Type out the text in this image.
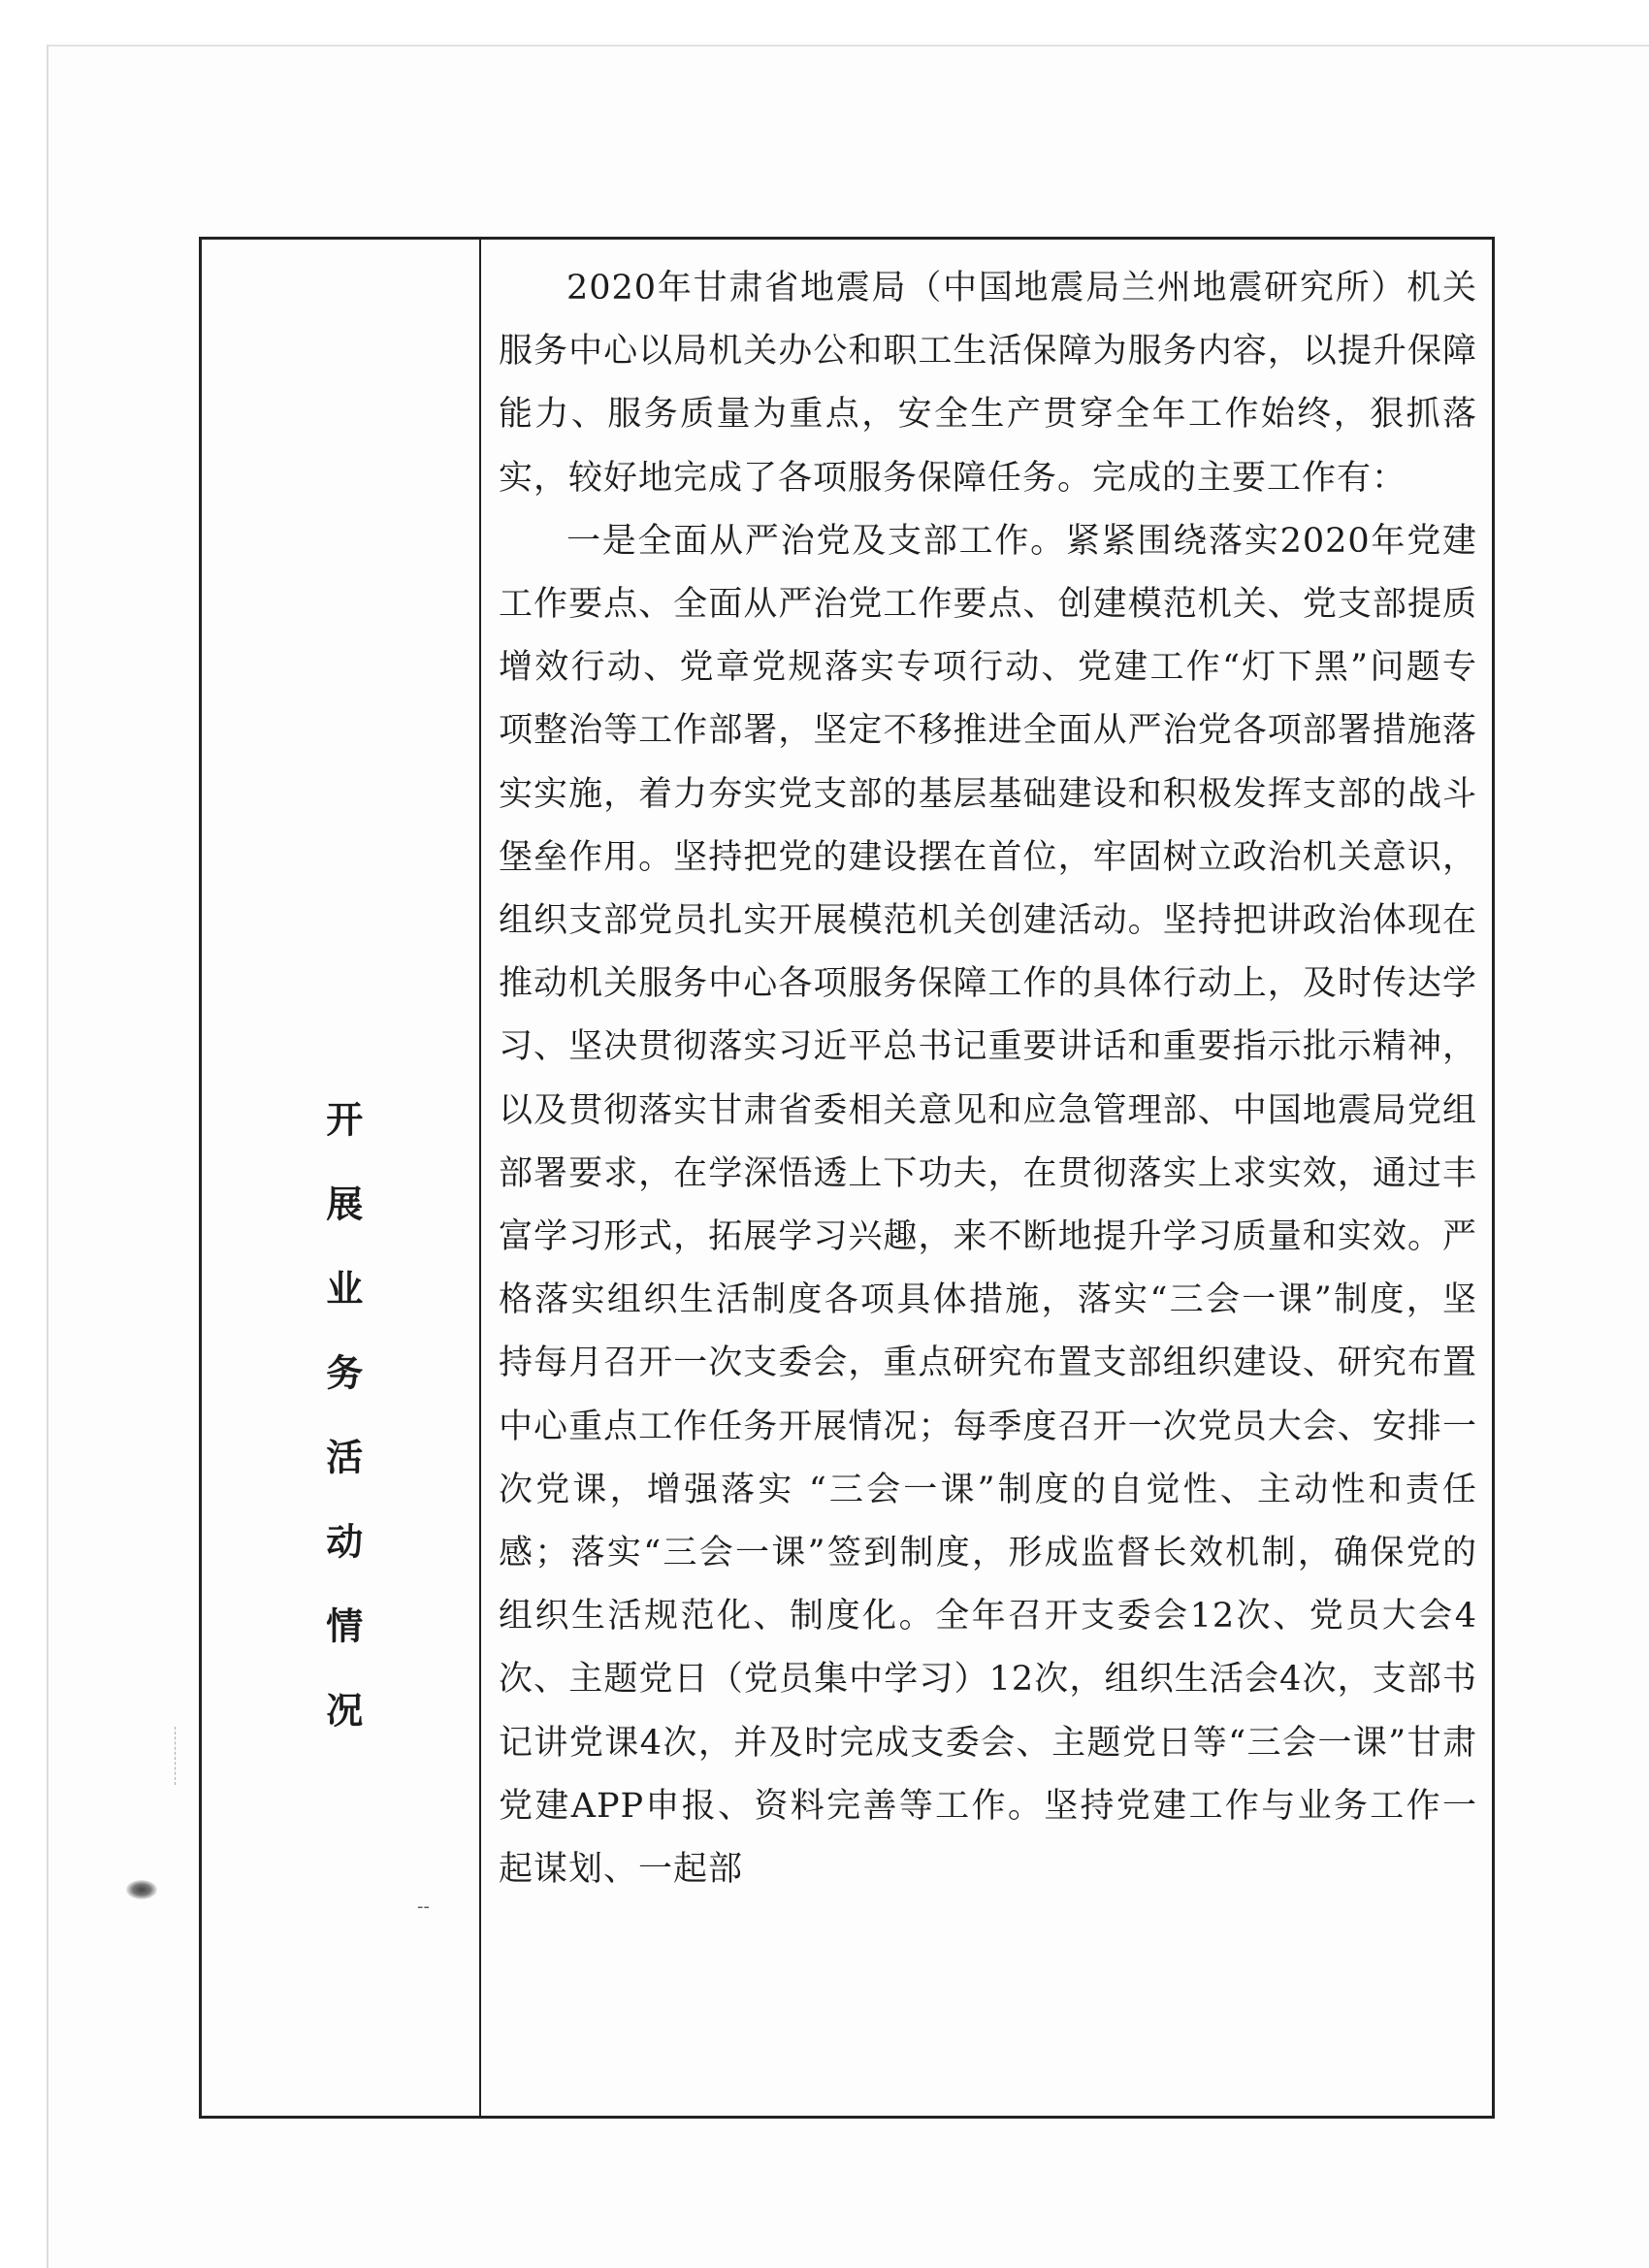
开展业务活动情况

2020年甘肃省地震局（中国地震局兰州地震研究所）机关服务中心以局机关办公和职工生活保障为服务内容，以提升保障能力、服务质量为重点，安全生产贯穿全年工作始终，狠抓落实，较好地完成了各项服务保障任务。完成的主要工作有：

一是全面从严治党及支部工作。紧紧围绕落实2020年党建工作要点、全面从严治党工作要点、创建模范机关、党支部提质增效行动、党章党规落实专项行动、党建工作“灯下黑”问题专项整治等工作部署，坚定不移推进全面从严治党各项部署措施落实实施，着力夯实党支部的基层基础建设和积极发挥支部的战斗堡垒作用。坚持把党的建设摆在首位，牢固树立政治机关意识，组织支部党员扎实开展模范机关创建活动。坚持把讲政治体现在推动机关服务中心各项服务保障工作的具体行动上，及时传达学习、坚决贯彻落实习近平总书记重要讲话和重要指示批示精神，以及贯彻落实甘肃省委相关意见和应急管理部、中国地震局党组部署要求，在学深悟透上下功夫，在贯彻落实上求实效，通过丰富学习形式，拓展学习兴趣，来不断地提升学习质量和实效。严格落实组织生活制度各项具体措施，落实“三会一课”制度，坚持每月召开一次支委会，重点研究布置支部组织建设、研究布置中心重点工作任务开展情况；每季度召开一次党员大会、安排一次党课，增强落实 “三会一课”制度的自觉性、主动性和责任感；落实“三会一课”签到制度，形成监督长效机制，确保党的组织生活规范化、制度化。全年召开支委会12次、党员大会4次、主题党日（党员集中学习）12次，组织生活会4次，支部书记讲党课4次，并及时完成支委会、主题党日等“三会一课”甘肃党建APP申报、资料完善等工作。坚持党建工作与业务工作一起谋划、一起部

--
